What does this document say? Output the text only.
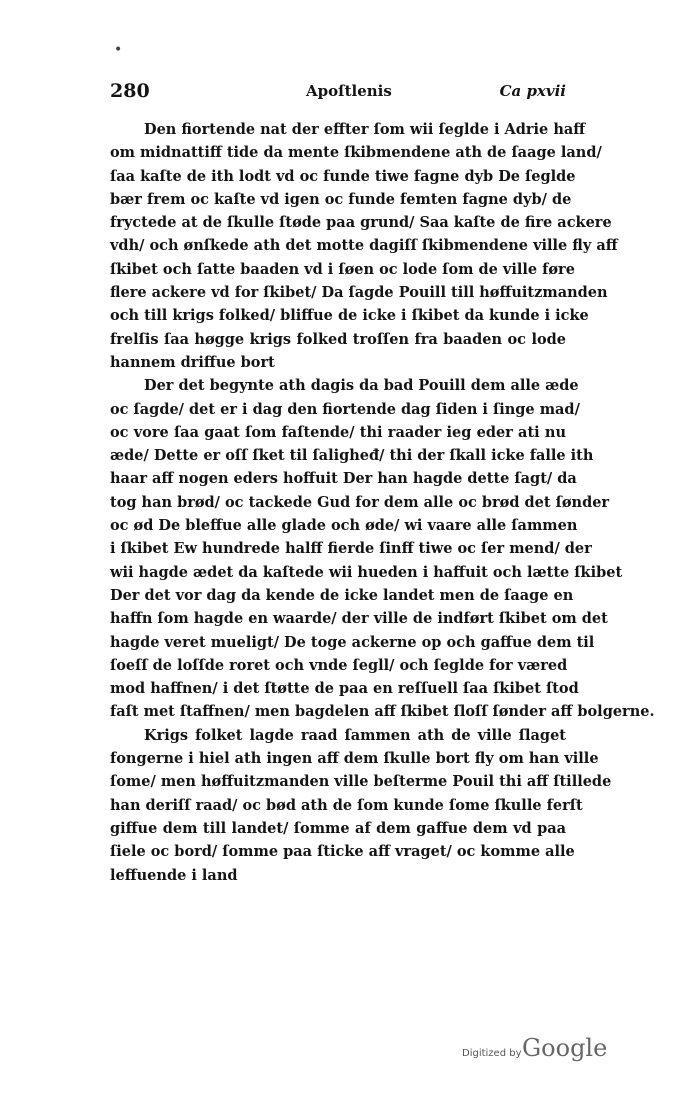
•
280	Apoſtlenis	Ca pxvii
Den fiortende nat der effter ſom wii ſeglde i Adrie haff
om midnattiff tide da mente ſkibmendene ath de ſaage land/
ſaa kaſte de ith lodt vd oc funde tiwe fagne dyb De ſeglde
bær frem oc kaſte vd igen oc funde femten fagne dyb/ de
fryctede at de ſkulle ſtøde paa grund/ Saa kaſte de fire ackere
vdh/ och ønſkede ath det motte dagiſſ ſkibmendene ville fly aff
ſkibet och ſatte baaden vd i ſøen oc lode ſom de ville føre
flere ackere vd for ſkibet/ Da ſagde Pouill till høffuitzmanden
och till krigs folked/ bliffue de icke i ſkibet da kunde i icke
frelſis ſaa høgge krigs folked troſſen fra baaden oc lode
hannem driffue bort
Der det begynte ath dagis da bad Pouill dem alle æde
oc ſagde/ det er i dag den fiortende dag ſiden i ſinge mad/
oc vore ſaa gaat ſom faſtende/ thi raader ieg eder ati nu
æde/ Dette er oſſ ſket til ſaligheđ/ thi der ſkall icke falle ith
haar aff nogen eders hoffuit Der han hagde dette ſagt/ da
tog han brød/ oc tackede Gud for dem alle oc brød det ſønder
oc ød De bleffue alle glade och øde/ wi vaare alle ſammen
i ſkibet Ew hundrede halff fierde ſinff tiwe oc ſer mend/ der
wii hagde ædet da kaſtede wii hueden i haffuit och lætte ſkibet
Der det vor dag da kende de icke landet men de ſaage en
haffn ſom hagde en waarde/ der ville de indført ſkibet om det
hagde veret mueligt/ De toge ackerne op och gaffue dem til
ſoeſſ de loſſde roret och vnde ſegll/ och ſeglde for væred
mod haffnen/ i det ſtøtte de paa en reſſuell ſaa ſkibet ſtod
faſt met ſtaffnen/ men bagdelen aff ſkibet ſloſſ ſønder aff bolgerne.
Krigs folket lagde raad ſammen ath de ville ſlaget
fongerne i hiel ath ingen aff dem ſkulle bort fly om han ville
ſome/ men høffuitzmanden ville beſterme Pouil thi aff ſtillede
han deriſſ raad/ oc bød ath de ſom kunde ſome ſkulle ferſt
giffue dem till landet/ ſomme af dem gaffue dem vd paa
ſiele oc bord/ ſomme paa ſticke aff vraget/ oc komme alle
leffuende i land
Digitized by Google
